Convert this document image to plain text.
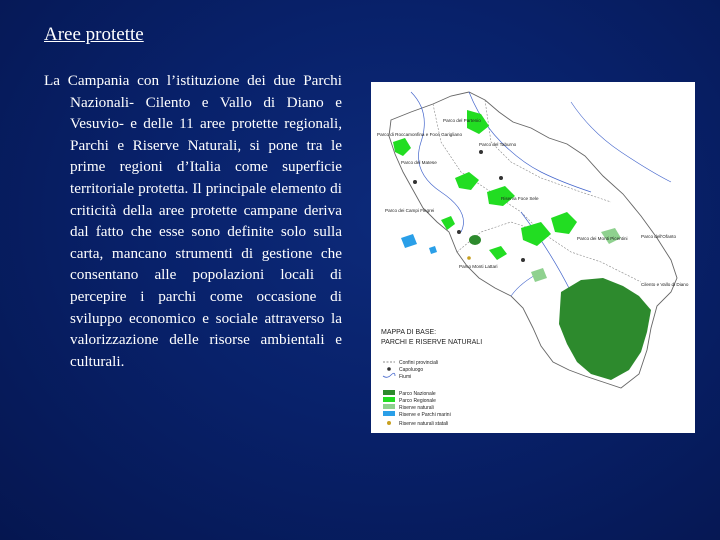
Aree protette
La Campania con l’istituzione dei due Parchi Nazionali- Cilento e Vallo di Diano e Vesuvio- e delle 11 aree protette regionali, Parchi e Riserve Naturali, si pone tra le prime regioni d’Italia come superficie territoriale protetta. Il principale elemento di criticità della aree protette campane deriva dal fatto che esse sono definite solo sulla carta, mancano strumenti di gestione che consentano alle popolazioni locali di percepire i parchi come occasione di sviluppo economico e sociale attraverso la valorizzazione delle risorse ambientali e culturali.
Parco del Partenio
Parco di Roccamonfina e Foce Garigliano
Parco del Matese
Riserva Foce Sele
Parco dei Campi Flegrei
Parco del Taburno
Parco dei Monti Picentini
Parco Monti Lattari
Parco dell'Ofanto
Cilento e Vallo di Diano
MAPPA DI BASE:
PARCHI E RISERVE NATURALI
Confini provinciali
Capoluogo
Fiumi
Parco Nazionale
Parco Regionale
Riserve naturali
Riserve e Parchi marini
Riserve naturali statali
